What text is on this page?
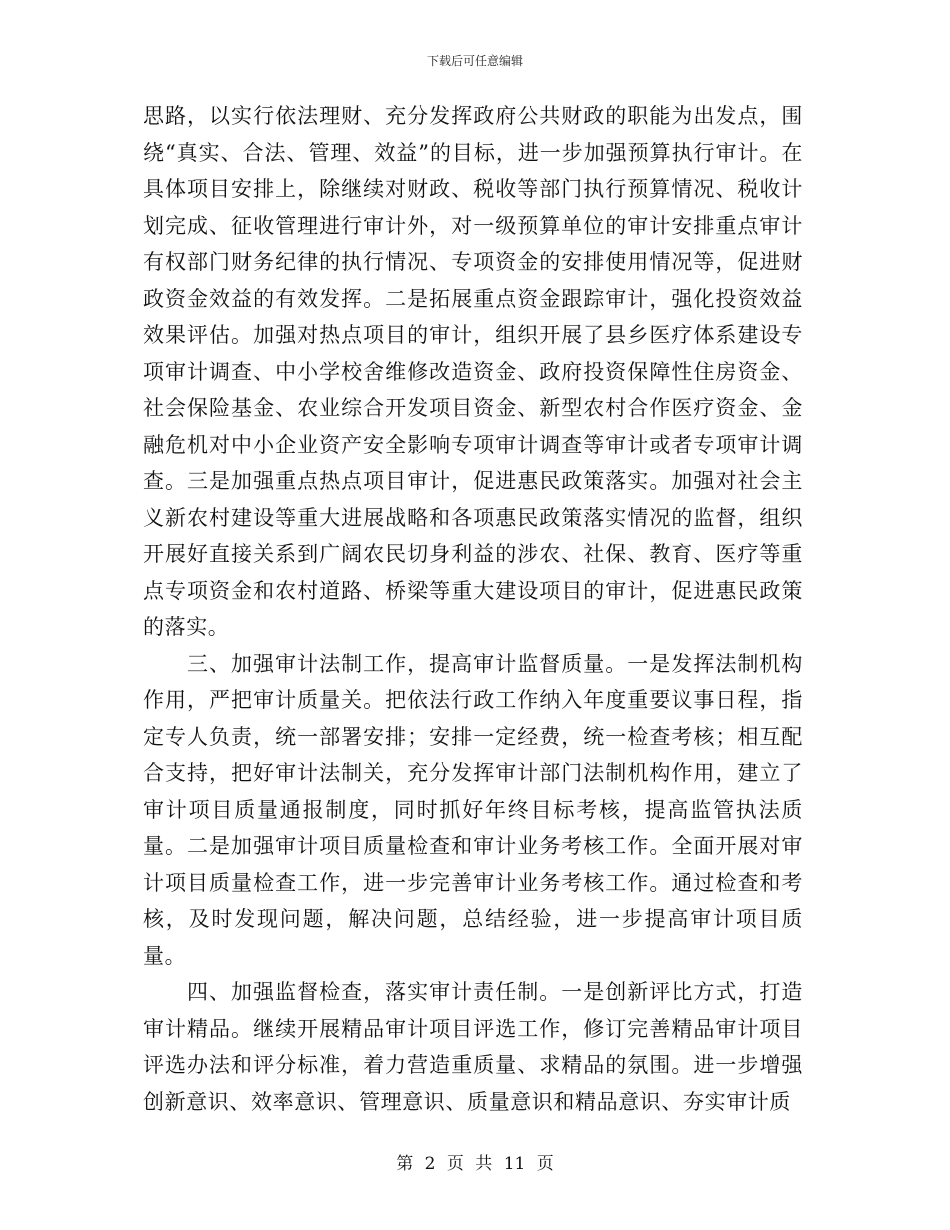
下载后可任意编辑

思路，以实行依法理财、充分发挥政府公共财政的职能为出发点，围绕“真实、合法、管理、效益”的目标，进一步加强预算执行审计。在具体项目安排上，除继续对财政、税收等部门执行预算情况、税收计划完成、征收管理进行审计外，对一级预算单位的审计安排重点审计有权部门财务纪律的执行情况、专项资金的安排使用情况等，促进财政资金效益的有效发挥。二是拓展重点资金跟踪审计，强化投资效益效果评估。加强对热点项目的审计，组织开展了县乡医疗体系建设专项审计调查、中小学校舍维修改造资金、政府投资保障性住房资金、社会保险基金、农业综合开发项目资金、新型农村合作医疗资金、金融危机对中小企业资产安全影响专项审计调查等审计或者专项审计调查。三是加强重点热点项目审计，促进惠民政策落实。加强对社会主义新农村建设等重大进展战略和各项惠民政策落实情况的监督，组织开展好直接关系到广阔农民切身利益的涉农、社保、教育、医疗等重点专项资金和农村道路、桥梁等重大建设项目的审计，促进惠民政策的落实。

三、加强审计法制工作，提高审计监督质量。一是发挥法制机构作用，严把审计质量关。把依法行政工作纳入年度重要议事日程，指定专人负责，统一部署安排；安排一定经费，统一检查考核；相互配合支持，把好审计法制关，充分发挥审计部门法制机构作用，建立了审计项目质量通报制度，同时抓好年终目标考核，提高监管执法质量。二是加强审计项目质量检查和审计业务考核工作。全面开展对审计项目质量检查工作，进一步完善审计业务考核工作。通过检查和考核，及时发现问题，解决问题，总结经验，进一步提高审计项目质量。

四、加强监督检查，落实审计责任制。一是创新评比方式，打造审计精品。继续开展精品审计项目评选工作，修订完善精品审计项目评选办法和评分标准，着力营造重质量、求精品的氛围。进一步增强创新意识、效率意识、管理意识、质量意识和精品意识、夯实审计质

第 2 页 共 11 页
